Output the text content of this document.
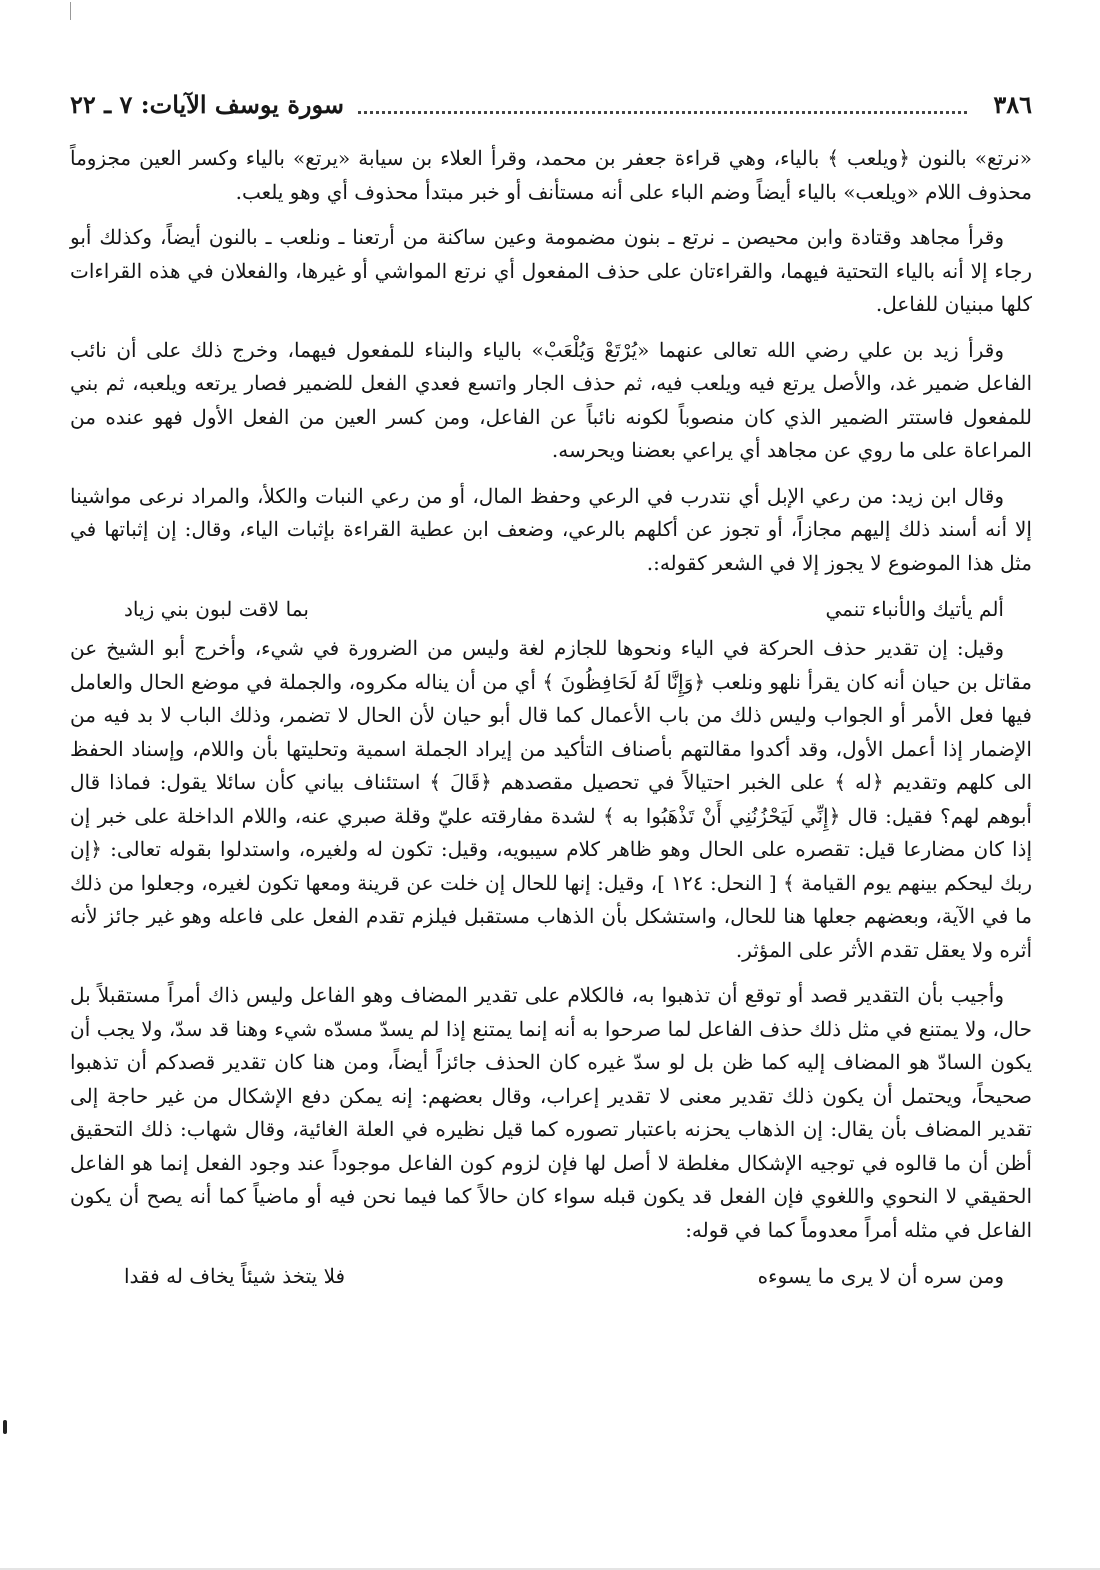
٣٨٦
سورة يوسف الآيات: ٧ ـ ٢٢

«نرتع» بالنون ﴿ويلعب ﴾ بالياء، وهي قراءة جعفر بن محمد، وقرأ العلاء بن سيابة «يرتع» بالياء وكسر العين مجزوماً محذوف اللام «ويلعب» بالياء أيضاً وضم الباء على أنه مستأنف أو خبر مبتدأ محذوف أي وهو يلعب.

وقرأ مجاهد وقتادة وابن محيصن ـ نرتع ـ بنون مضمومة وعين ساكنة من أرتعنا ـ ونلعب ـ بالنون أيضاً، وكذلك أبو رجاء إلا أنه بالياء التحتية فيهما، والقراءتان على حذف المفعول أي نرتع المواشي أو غيرها، والفعلان في هذه القراءات كلها مبنيان للفاعل.

وقرأ زيد بن علي رضي الله تعالى عنهما «يُرْتَعْ وَيُلْعَبْ» بالياء والبناء للمفعول فيهما، وخرج ذلك على أن نائب الفاعل ضمير غد، والأصل يرتع فيه ويلعب فيه، ثم حذف الجار واتسع فعدي الفعل للضمير فصار يرتعه ويلعبه، ثم بني للمفعول فاستتر الضمير الذي كان منصوباً لكونه نائباً عن الفاعل، ومن كسر العين من الفعل الأول فهو عنده من المراعاة على ما روي عن مجاهد أي يراعي بعضنا ويحرسه.

وقال ابن زيد: من رعي الإبل أي نتدرب في الرعي وحفظ المال، أو من رعي النبات والكلأ، والمراد نرعى مواشينا إلا أنه أسند ذلك إليهم مجازاً، أو تجوز عن أكلهم بالرعي، وضعف ابن عطية القراءة بإثبات الياء، وقال: إن إثباتها في مثل هذا الموضوع لا يجوز إلا في الشعر كقوله:.

ألم يأتيك والأنباء تنمي
بما لاقت لبون بني زياد

وقيل: إن تقدير حذف الحركة في الياء ونحوها للجازم لغة وليس من الضرورة في شيء، وأخرج أبو الشيخ عن مقاتل بن حيان أنه كان يقرأ نلهو ونلعب ﴿وَإِنَّا لَهُ لَحَافِظُونَ ﴾ أي من أن يناله مكروه، والجملة في موضع الحال والعامل فيها فعل الأمر أو الجواب وليس ذلك من باب الأعمال كما قال أبو حيان لأن الحال لا تضمر، وذلك الباب لا بد فيه من الإضمار إذا أعمل الأول، وقد أكدوا مقالتهم بأصناف التأكيد من إيراد الجملة اسمية وتحليتها بأن واللام، وإسناد الحفظ الى كلهم وتقديم ﴿له ﴾ على الخبر احتيالاً في تحصيل مقصدهم ﴿قَالَ ﴾ استئناف بياني كأن سائلا يقول: فماذا قال أبوهم لهم؟ فقيل: قال ﴿إِنِّي لَيَحْزُنُنِي أَنْ تَذْهَبُوا به ﴾ لشدة مفارقته عليّ وقلة صبري عنه، واللام الداخلة على خبر إن إذا كان مضارعا قيل: تقصره على الحال وهو ظاهر كلام سيبويه، وقيل: تكون له ولغيره، واستدلوا بقوله تعالى: ﴿إن ربك ليحكم بينهم يوم القيامة ﴾ [ النحل: ١٢٤ ]، وقيل: إنها للحال إن خلت عن قرينة ومعها تكون لغيره، وجعلوا من ذلك ما في الآية، وبعضهم جعلها هنا للحال، واستشكل بأن الذهاب مستقبل فيلزم تقدم الفعل على فاعله وهو غير جائز لأنه أثره ولا يعقل تقدم الأثر على المؤثر.

وأجيب بأن التقدير قصد أو توقع أن تذهبوا به، فالكلام على تقدير المضاف وهو الفاعل وليس ذاك أمراً مستقبلاً بل حال، ولا يمتنع في مثل ذلك حذف الفاعل لما صرحوا به أنه إنما يمتنع إذا لم يسدّ مسدّه شيء وهنا قد سدّ، ولا يجب أن يكون السادّ هو المضاف إليه كما ظن بل لو سدّ غيره كان الحذف جائزاً أيضاً، ومن هنا كان تقدير قصدكم أن تذهبوا صحيحاً، ويحتمل أن يكون ذلك تقدير معنى لا تقدير إعراب، وقال بعضهم: إنه يمكن دفع الإشكال من غير حاجة إلى تقدير المضاف بأن يقال: إن الذهاب يحزنه باعتبار تصوره كما قيل نظيره في العلة الغائية، وقال شهاب: ذلك التحقيق أظن أن ما قالوه في توجيه الإشكال مغلطة لا أصل لها فإن لزوم كون الفاعل موجوداً عند وجود الفعل إنما هو الفاعل الحقيقي لا النحوي واللغوي فإن الفعل قد يكون قبله سواء كان حالاً كما فيما نحن فيه أو ماضياً كما أنه يصح أن يكون الفاعل في مثله أمراً معدوماً كما في قوله:

ومن سره أن لا يرى ما يسوءه
فلا يتخذ شيئاً يخاف له فقدا
